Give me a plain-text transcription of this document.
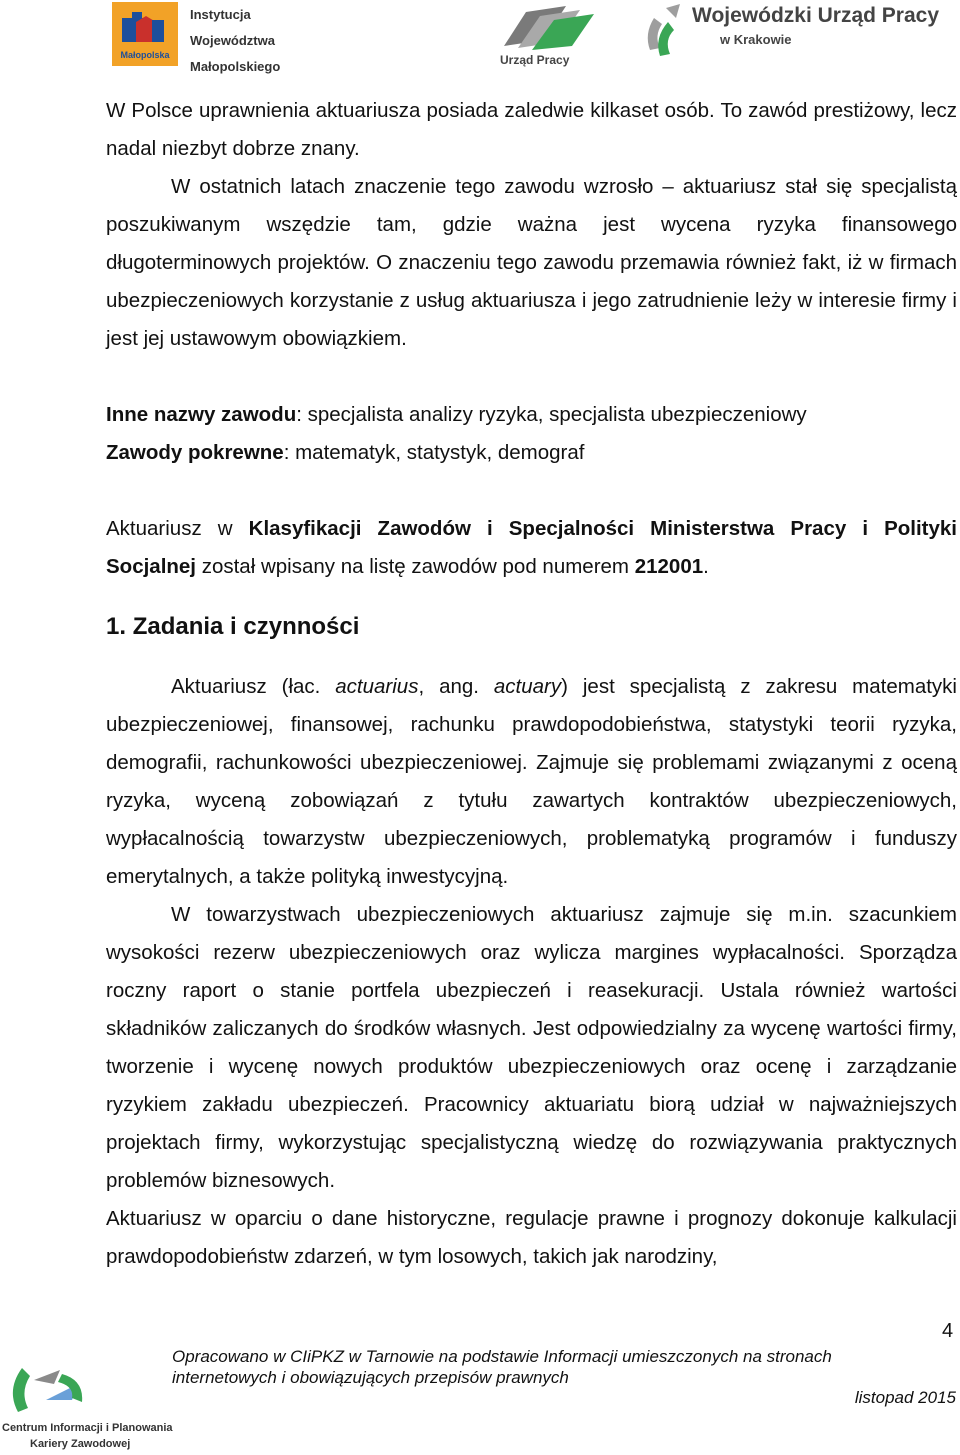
Małopolska
Instytucja
Województwa
Małopolskiego	Urząd Pracy
Wojewódzki Urząd Pracy
w Krakowie

W Polsce uprawnienia aktuariusza posiada zaledwie kilkaset osób. To zawód prestiżowy, lecz nadal niezbyt dobrze znany.

W ostatnich latach znaczenie tego zawodu wzrosło – aktuariusz stał się specjalistą poszukiwanym wszędzie tam, gdzie ważna jest wycena ryzyka finansowego długoterminowych projektów. O znaczeniu tego zawodu przemawia również fakt, iż w firmach ubezpieczeniowych korzystanie z usług aktuariusza i jego zatrudnienie leży w interesie firmy i jest jej ustawowym obowiązkiem.

Inne nazwy zawodu: specjalista analizy ryzyka, specjalista ubezpieczeniowy

Zawody pokrewne: matematyk, statystyk, demograf

Aktuariusz w Klasyfikacji Zawodów i Specjalności Ministerstwa Pracy i Polityki Socjalnej został wpisany na listę zawodów pod numerem 212001.

1. Zadania i czynności

Aktuariusz (łac. actuarius, ang. actuary) jest specjalistą z zakresu matematyki ubezpieczeniowej, finansowej, rachunku prawdopodobieństwa, statystyki teorii ryzyka, demografii, rachunkowości ubezpieczeniowej. Zajmuje się problemami związanymi z oceną ryzyka, wyceną zobowiązań z tytułu zawartych kontraktów ubezpieczeniowych, wypłacalnością towarzystw ubezpieczeniowych, problematyką programów i funduszy emerytalnych, a także polityką inwestycyjną.

W towarzystwach ubezpieczeniowych aktuariusz zajmuje się m.in. szacunkiem wysokości rezerw ubezpieczeniowych oraz wylicza margines wypłacalności. Sporządza roczny raport o stanie portfela ubezpieczeń i reasekuracji. Ustala również wartości składników zaliczanych do środków własnych. Jest odpowiedzialny za wycenę wartości firmy, tworzenie i wycenę nowych produktów ubezpieczeniowych oraz ocenę i zarządzanie ryzykiem zakładu ubezpieczeń. Pracownicy aktuariatu biorą udział w najważniejszych projektach firmy, wykorzystując specjalistyczną wiedzę do rozwiązywania praktycznych problemów biznesowych.

Aktuariusz w oparciu o dane historyczne, regulacje prawne i prognozy dokonuje kalkulacji prawdopodobieństw zdarzeń, w tym losowych, takich jak narodziny,

4
Centrum Informacji i Planowania
Kariery Zawodowej
Opracowano w CIiPKZ w Tarnowie na podstawie Informacji umieszczonych na stronach
internetowych i obowiązujących przepisów prawnych
listopad 2015
